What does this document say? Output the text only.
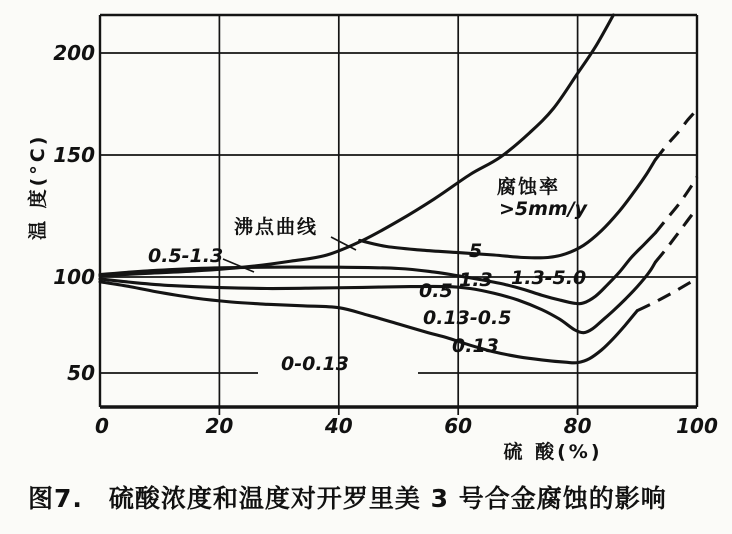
0.5-1.3
沸点曲线
腐蚀率
>5mm/y
5
1.3 1.3-5.0
0.5
0.13-0.5
0.13
0-0.13
50
100
150
200
0	20	40	60	80	100
硫 酸(%)
温 度(°C)
图7. 硫酸浓度和温度对开罗里美 3 号合金腐蚀的影响
